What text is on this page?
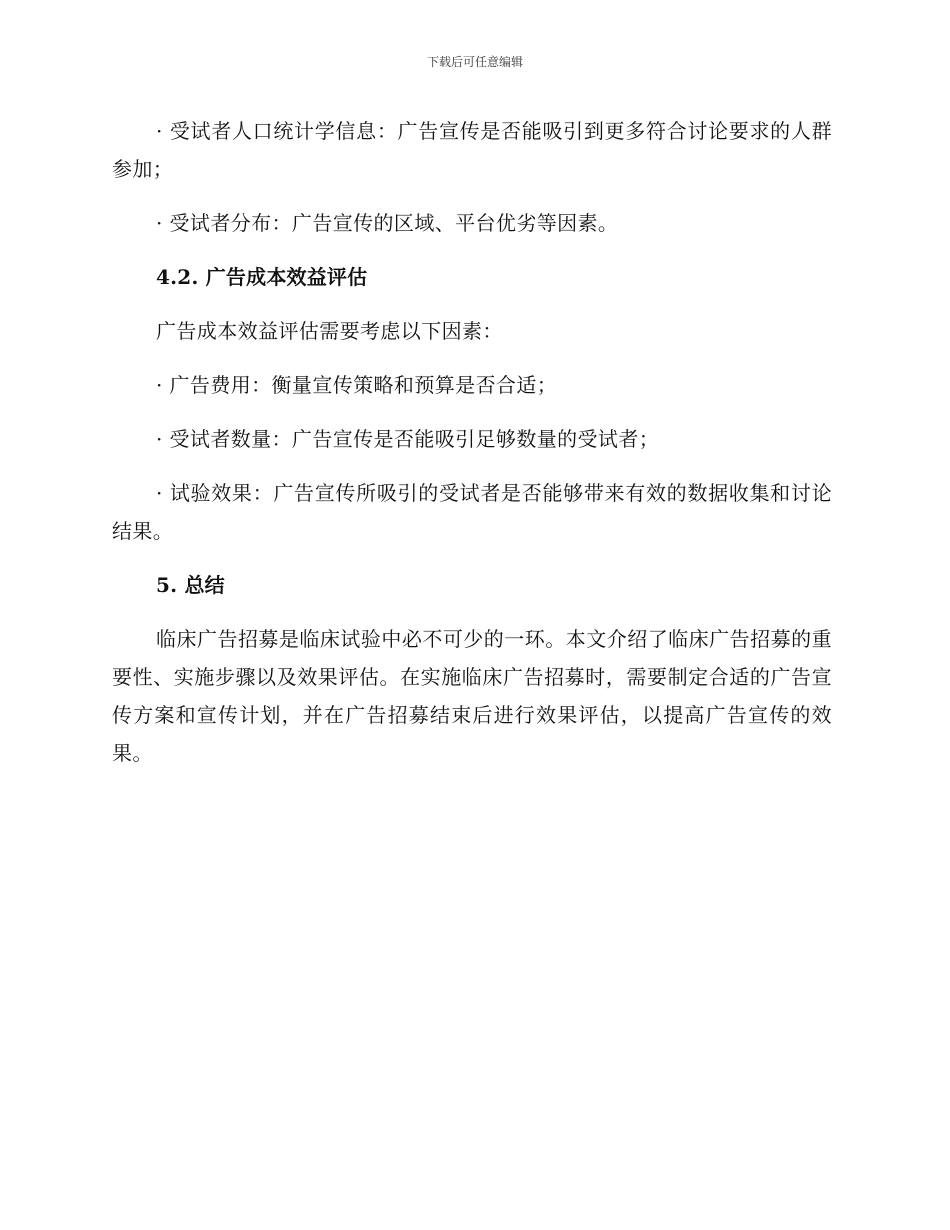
下载后可任意编辑

· 受试者人口统计学信息：广告宣传是否能吸引到更多符合讨论要求的人群参加；

· 受试者分布：广告宣传的区域、平台优劣等因素。

4.2. 广告成本效益评估

广告成本效益评估需要考虑以下因素：

· 广告费用：衡量宣传策略和预算是否合适；

· 受试者数量：广告宣传是否能吸引足够数量的受试者；

· 试验效果：广告宣传所吸引的受试者是否能够带来有效的数据收集和讨论结果。

5. 总结

临床广告招募是临床试验中必不可少的一环。本文介绍了临床广告招募的重要性、实施步骤以及效果评估。在实施临床广告招募时，需要制定合适的广告宣传方案和宣传计划，并在广告招募结束后进行效果评估，以提高广告宣传的效果。
